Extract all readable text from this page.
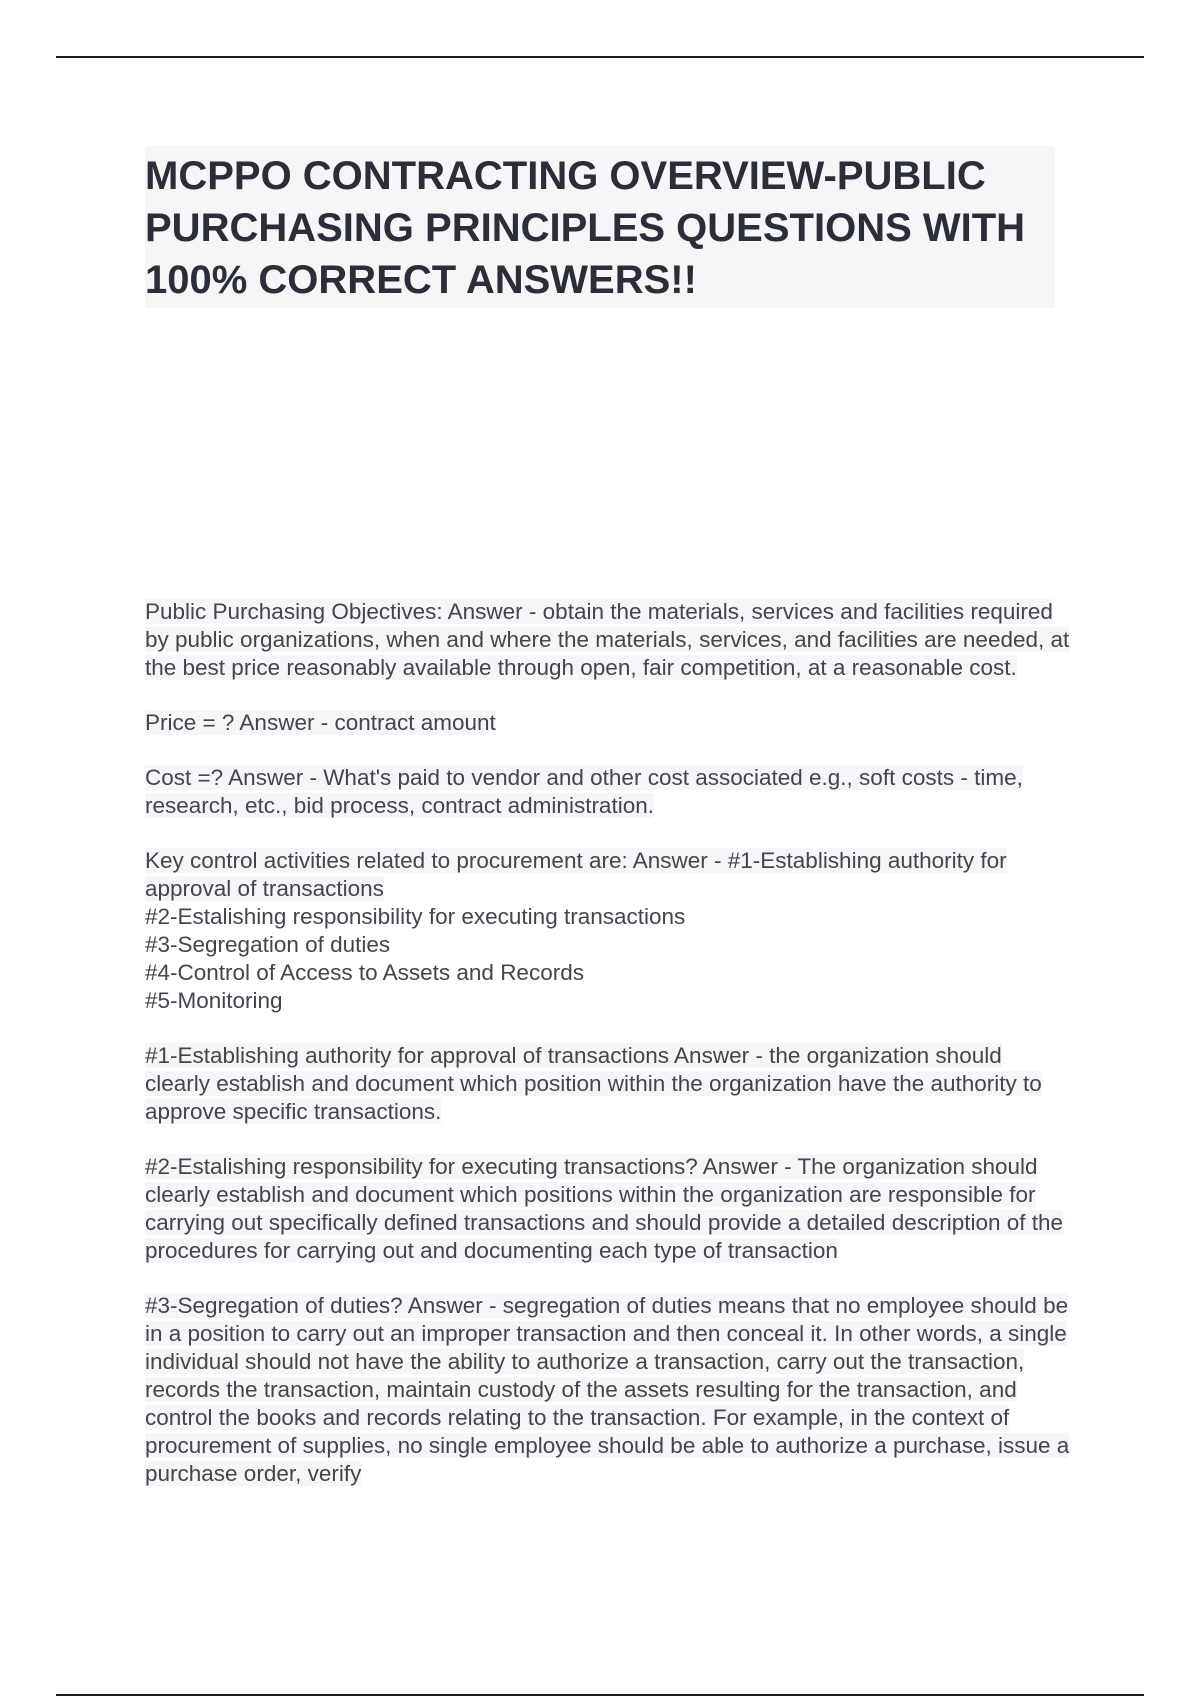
MCPPO CONTRACTING OVERVIEW-PUBLIC PURCHASING PRINCIPLES QUESTIONS WITH 100% CORRECT ANSWERS!!

Public Purchasing Objectives: Answer - obtain the materials, services and facilities required by public organizations, when and where the materials, services, and facilities are needed, at the best price reasonably available through open, fair competition, at a reasonable cost.

Price = ? Answer - contract amount

Cost =? Answer - What's paid to vendor and other cost associated e.g., soft costs - time, research, etc., bid process, contract administration.

Key control activities related to procurement are: Answer - #1-Establishing authority for approval of transactions
#2-Estalishing responsibility for executing transactions
#3-Segregation of duties
#4-Control of Access to Assets and Records
#5-Monitoring

#1-Establishing authority for approval of transactions Answer - the organization should clearly establish and document which position within the organization have the authority to approve specific transactions.

#2-Estalishing responsibility for executing transactions? Answer - The organization should clearly establish and document which positions within the organization are responsible for carrying out specifically defined transactions and should provide a detailed description of the procedures for carrying out and documenting each type of transaction

#3-Segregation of duties? Answer - segregation of duties means that no employee should be in a position to carry out an improper transaction and then conceal it. In other words, a single individual should not have the ability to authorize a transaction, carry out the transaction, records the transaction, maintain custody of the assets resulting for the transaction, and control the books and records relating to the transaction. For example, in the context of procurement of supplies, no single employee should be able to authorize a purchase, issue a purchase order, verify
